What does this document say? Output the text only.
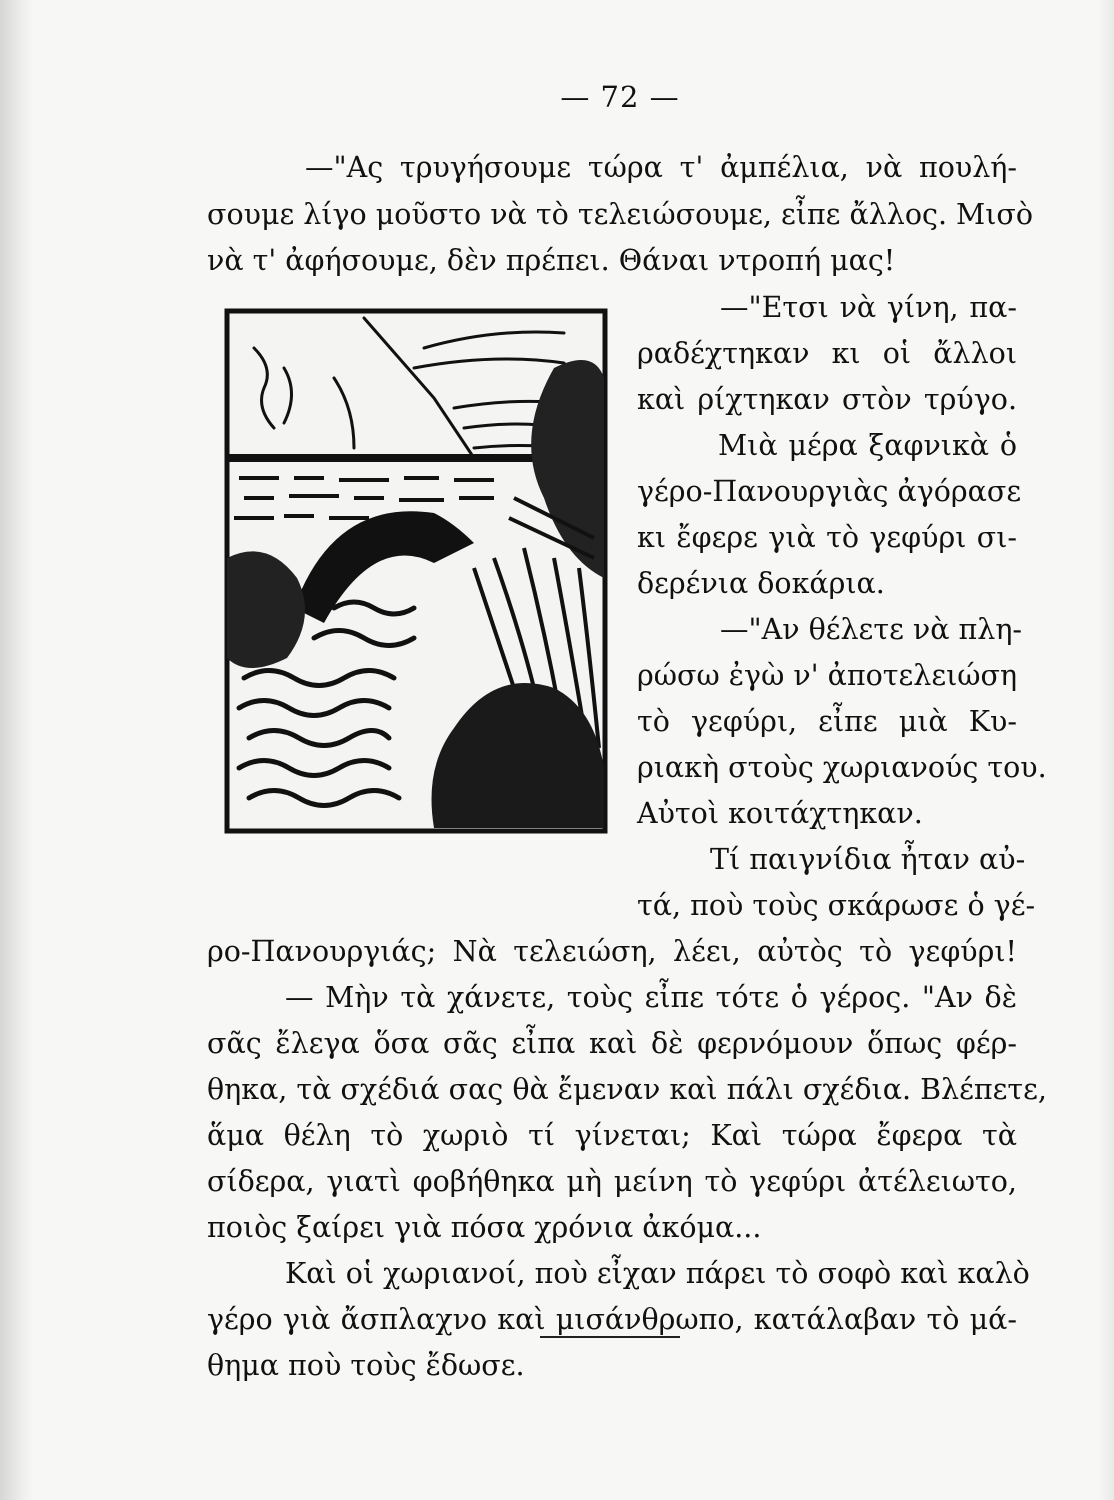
— 72 —
—"Ας τρυγήσουμε τώρα τ' ἀμπέλια, νὰ πουλή-
σουμε λίγο μοῦστο νὰ τὸ τελειώσουμε, εἶπε ἄλλος. Μισὸ
νὰ τ' ἀφήσουμε, δὲν πρέπει. Θάναι ντροπή μας!
—"Ετσι νὰ γίνη, πα-
ραδέχτηκαν κι οἱ ἄλλοι
καὶ ρίχτηκαν στὸν τρύγο.
Μιὰ μέρα ξαφνικὰ ὁ
γέρο-Πανουργιὰς ἀγόρασε
κι ἔφερε γιὰ τὸ γεφύρι σι-
δερένια δοκάρια.
—"Αν θέλετε νὰ πλη-
ρώσω ἐγὼ ν' ἀποτελειώση
τὸ γεφύρι, εἶπε μιὰ Κυ-
ριακὴ στοὺς χωριανούς του.
Αὐτοὶ κοιτάχτηκαν.
Τί παιγνίδια ἦταν αὐ-
τά, ποὺ τοὺς σκάρωσε ὁ γέ-
ρο-Πανουργιάς; Νὰ τελειώση, λέει, αὐτὸς τὸ γεφύρι!
— Μὴν τὰ χάνετε, τοὺς εἶπε τότε ὁ γέρος. "Αν δὲ
σᾶς ἔλεγα ὅσα σᾶς εἶπα καὶ δὲ φερνόμουν ὅπως φέρ-
θηκα, τὰ σχέδιά σας θὰ ἔμεναν καὶ πάλι σχέδια. Βλέπετε,
ἅμα θέλη τὸ χωριὸ τί γίνεται; Καὶ τώρα ἔφερα τὰ
σίδερα, γιατὶ φοβήθηκα μὴ μείνη τὸ γεφύρι ἀτέλειωτο,
ποιὸς ξαίρει γιὰ πόσα χρόνια ἀκόμα...
Καὶ οἱ χωριανοί, ποὺ εἶχαν πάρει τὸ σοφὸ καὶ καλὸ
γέρο γιὰ ἄσπλαχνο καὶ μισάνθρωπο, κατάλαβαν τὸ μά-
θημα ποὺ τοὺς ἔδωσε.
